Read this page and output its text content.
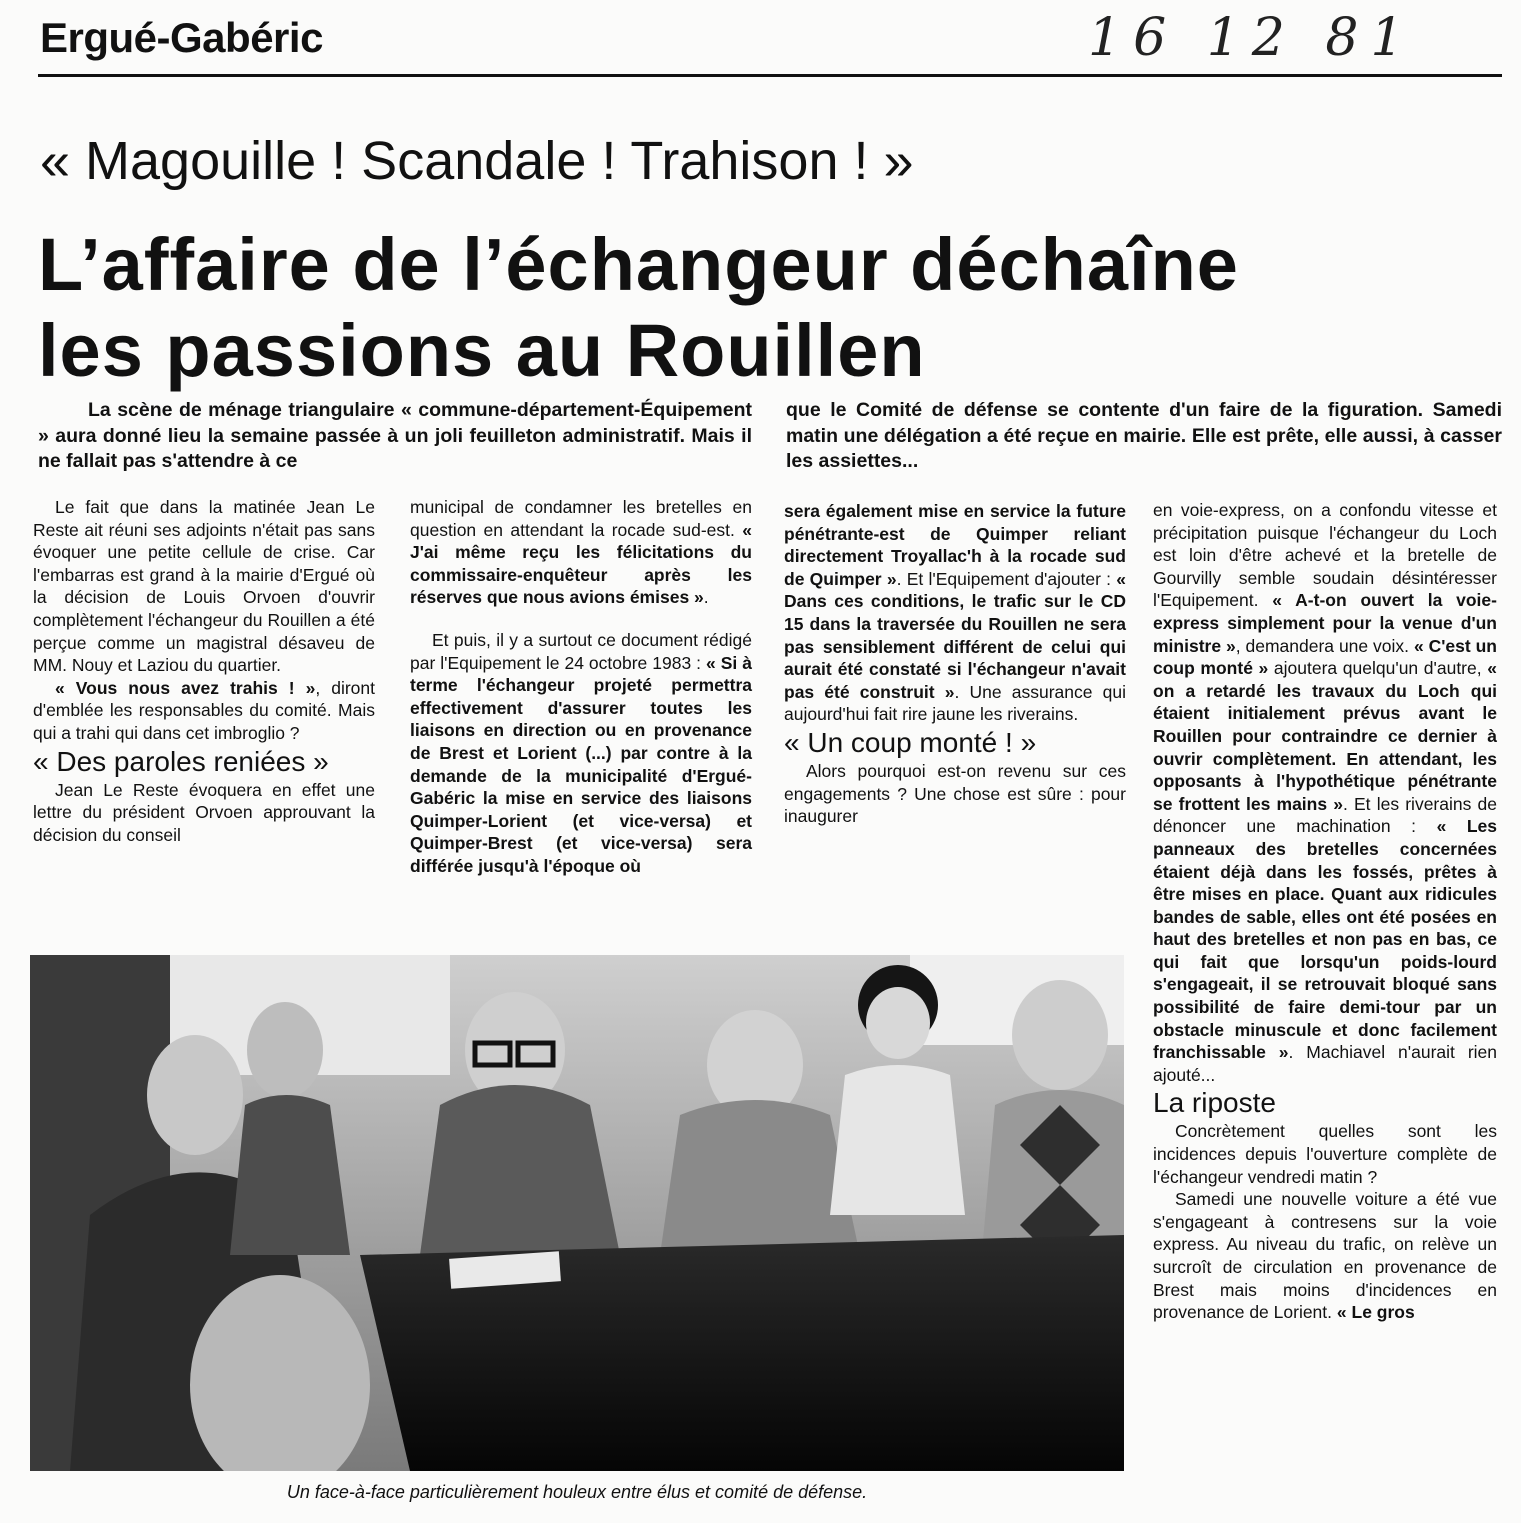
Ergué-Gabéric	16 12 81
« Magouille ! Scandale ! Trahison ! »
L’affaire de l’échangeur déchaîne
les passions au Rouillen

La scène de ménage triangulaire « commune-département-Équipement » aura donné lieu la semaine passée à un joli feuilleton administratif. Mais il ne fallait pas s'attendre à ce

que le Comité de défense se contente d'un faire de la figuration. Samedi matin une délégation a été reçue en mairie. Elle est prête, elle aussi, à casser les assiettes...

Le fait que dans la matinée Jean Le Reste ait réuni ses adjoints n'était pas sans évoquer une petite cellule de crise. Car l'embarras est grand à la mairie d'Ergué où la décision de Louis Orvoen d'ouvrir complètement l'échangeur du Rouillen a été perçue comme un magistral désaveu de MM. Nouy et Laziou du quartier.

« Vous nous avez trahis ! », diront d'emblée les responsables du comité. Mais qui a trahi qui dans cet imbroglio ?

« Des paroles reniées »

Jean Le Reste évoquera en effet une lettre du président Orvoen approuvant la décision du conseil

municipal de condamner les bretelles en question en attendant la rocade sud-est. « J'ai même reçu les félicitations du commissaire-enquêteur après les réserves que nous avions émises ».

Et puis, il y a surtout ce document rédigé par l'Equipement le 24 octobre 1983 : « Si à terme l'échangeur projeté permettra effectivement d'assurer toutes les liaisons en direction ou en provenance de Brest et Lorient (...) par contre à la demande de la municipalité d'Ergué-Gabéric la mise en service des liaisons Quimper-Lorient (et vice-versa) et Quimper-Brest (et vice-versa) sera différée jusqu'à l'époque où

sera également mise en service la future pénétrante-est de Quimper reliant directement Troyallac'h à la rocade sud de Quimper ». Et l'Equipement d'ajouter : « Dans ces conditions, le trafic sur le CD 15 dans la traversée du Rouillen ne sera pas sensiblement différent de celui qui aurait été constaté si l'échangeur n'avait pas été construit ». Une assurance qui aujourd'hui fait rire jaune les riverains.

« Un coup monté ! »

Alors pourquoi est-on revenu sur ces engagements ? Une chose est sûre : pour inaugurer

en voie-express, on a confondu vitesse et précipitation puisque l'échangeur du Loch est loin d'être achevé et la bretelle de Gourvilly semble soudain désintéresser l'Equipement. « A-t-on ouvert la voie-express simplement pour la venue d'un ministre », demandera une voix. « C'est un coup monté » ajoutera quelqu'un d'autre, « on a retardé les travaux du Loch qui étaient initialement prévus avant le Rouillen pour contraindre ce dernier à ouvrir complètement. En attendant, les opposants à l'hypothétique pénétrante se frottent les mains ». Et les riverains de dénoncer une machination : « Les panneaux des bretelles concernées étaient déjà dans les fossés, prêtes à être mises en place. Quant aux ridicules bandes de sable, elles ont été posées en haut des bretelles et non pas en bas, ce qui fait que lorsqu'un poids-lourd s'engageait, il se retrouvait bloqué sans possibilité de faire demi-tour par un obstacle minuscule et donc facilement franchissable ». Machiavel n'aurait rien ajouté...

La riposte

Concrètement quelles sont les incidences depuis l'ouverture complète de l'échangeur vendredi matin ?

Samedi une nouvelle voiture a été vue s'engageant à contresens sur la voie express. Au niveau du trafic, on relève un surcroît de circulation en provenance de Brest mais moins d'incidences en provenance de Lorient. « Le gros

Un face-à-face particulièrement houleux entre élus et comité de défense.
